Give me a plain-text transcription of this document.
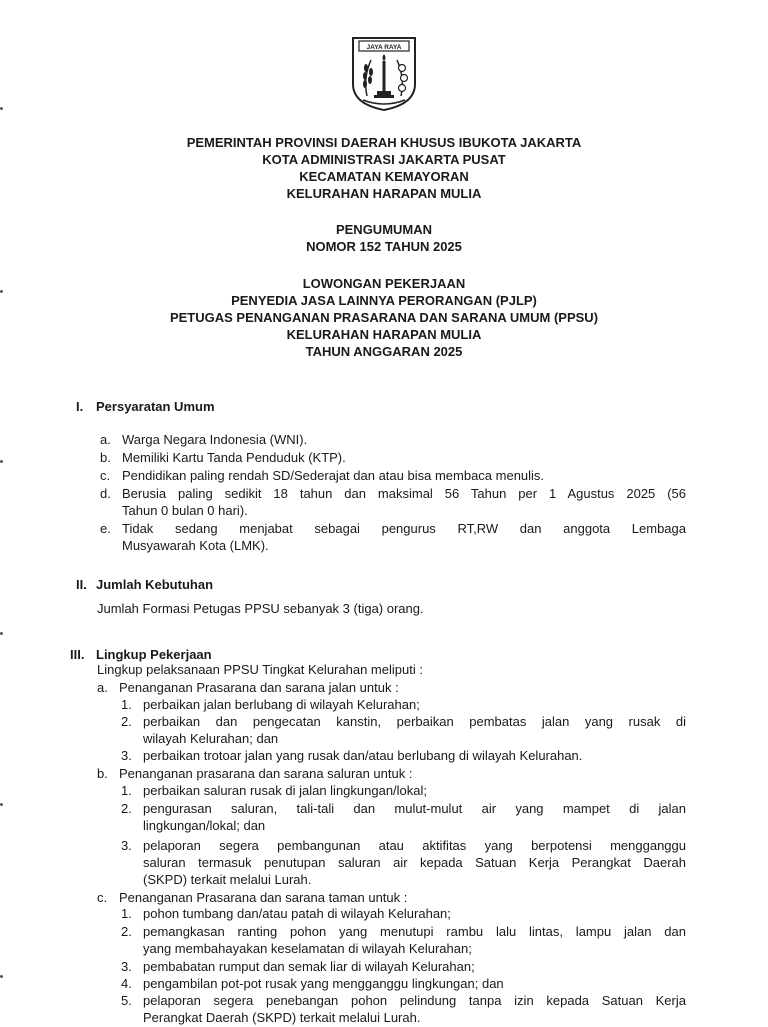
JAYA RAYA
PEMERINTAH PROVINSI DAERAH KHUSUS IBUKOTA JAKARTA
KOTA ADMINISTRASI JAKARTA PUSAT
KECAMATAN KEMAYORAN
KELURAHAN HARAPAN MULIA
PENGUMUMAN
NOMOR 152 TAHUN 2025
LOWONGAN PEKERJAAN
PENYEDIA JASA LAINNYA PERORANGAN (PJLP)
PETUGAS PENANGANAN PRASARANA DAN SARANA UMUM (PPSU)
KELURAHAN HARAPAN MULIA
TAHUN ANGGARAN 2025
I. Persyaratan Umum
a. Warga Negara Indonesia (WNI).
b. Memiliki Kartu Tanda Penduduk (KTP).
c. Pendidikan paling rendah SD/Sederajat dan atau bisa membaca menulis.
d. Berusia paling sedikit 18 tahun dan maksimal 56 Tahun per 1 Agustus 2025 (56
Tahun 0 bulan 0 hari).
e. Tidak sedang menjabat sebagai pengurus RT,RW dan anggota Lembaga
Musyawarah Kota (LMK).
II. Jumlah Kebutuhan
Jumlah Formasi Petugas PPSU sebanyak 3 (tiga) orang.
III. Lingkup Pekerjaan
Lingkup pelaksanaan PPSU Tingkat Kelurahan meliputi :
a. Penanganan Prasarana dan sarana jalan untuk :
1. perbaikan jalan berlubang di wilayah Kelurahan;
2. perbaikan dan pengecatan kanstin, perbaikan pembatas jalan yang rusak di
wilayah Kelurahan; dan
3. perbaikan trotoar jalan yang rusak dan/atau berlubang di wilayah Kelurahan.
b. Penanganan prasarana dan sarana saluran untuk :
1. perbaikan saluran rusak di jalan lingkungan/lokal;
2. pengurasan saluran, tali-tali dan mulut-mulut air yang mampet di jalan
lingkungan/lokal; dan
3. pelaporan segera pembangunan atau aktifitas yang berpotensi mengganggu
saluran termasuk penutupan saluran air kepada Satuan Kerja Perangkat Daerah
(SKPD) terkait melalui Lurah.
c. Penanganan Prasarana dan sarana taman untuk :
1. pohon tumbang dan/atau patah di wilayah Kelurahan;
2. pemangkasan ranting pohon yang menutupi rambu lalu lintas, lampu jalan dan
yang membahayakan keselamatan di wilayah Kelurahan;
3. pembabatan rumput dan semak liar di wilayah Kelurahan;
4. pengambilan pot-pot rusak yang mengganggu lingkungan; dan
5. pelaporan segera penebangan pohon pelindung tanpa izin kepada Satuan Kerja
Perangkat Daerah (SKPD) terkait melalui Lurah.
